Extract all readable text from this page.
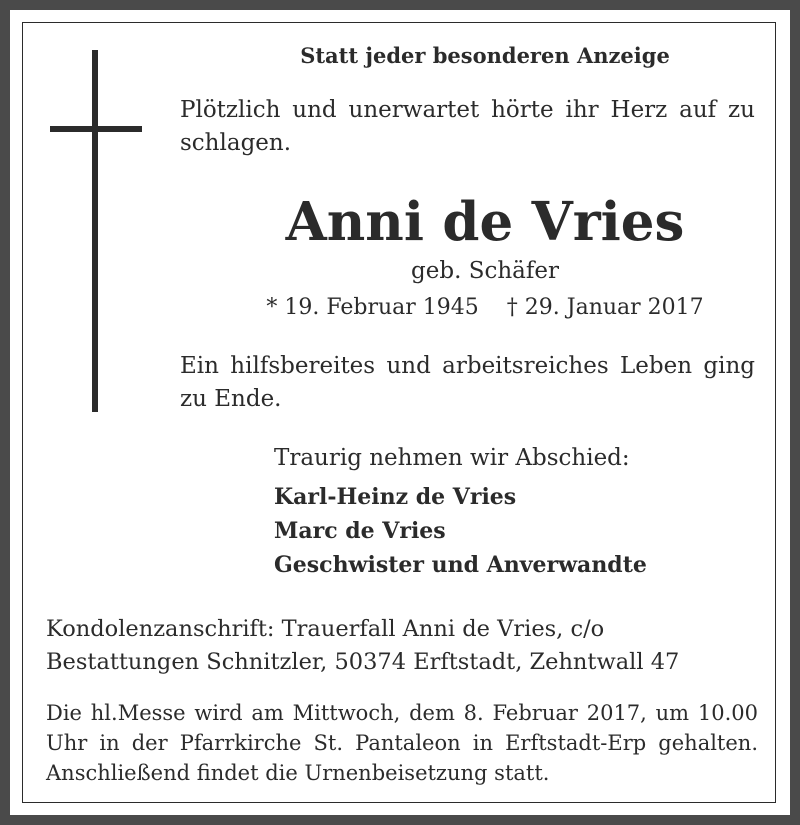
Statt jeder besonderen Anzeige

Plötzlich und unerwartet hörte ihr Herz auf zu schlagen.

Anni de Vries

geb. Schäfer

* 19. Februar 1945 † 29. Januar 2017

Ein hilfsbereites und arbeitsreiches Leben ging zu Ende.

Traurig nehmen wir Abschied:

Karl-Heinz de Vries
Marc de Vries
Geschwister und Anverwandte
Kondolenzanschrift: Trauerfall Anni de Vries, c/o
Bestattungen Schnitzler, 50374 Erftstadt, Zehntwall 47

Die hl.Messe wird am Mittwoch, dem 8. Februar 2017, um 10.00 Uhr in der Pfarrkirche St. Pantaleon in Erftstadt-Erp gehalten. Anschließend findet die Urnenbeisetzung statt.
